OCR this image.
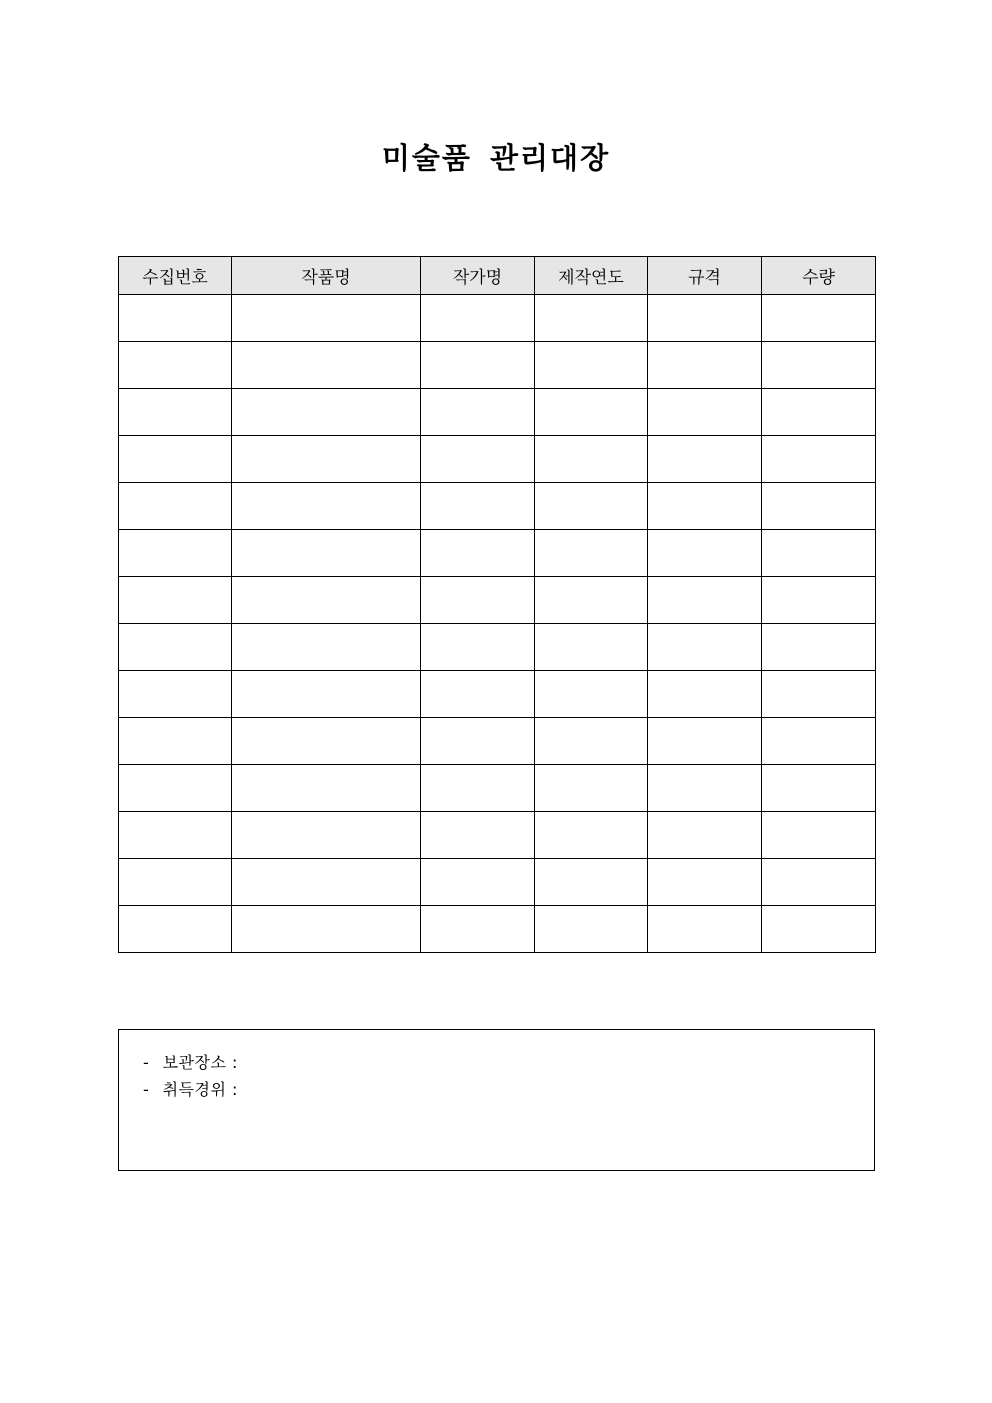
미술품 관리대장
수집번호	작품명	작가명	제작연도	규격	수량

- 보관장소 :
- 취득경위 :
